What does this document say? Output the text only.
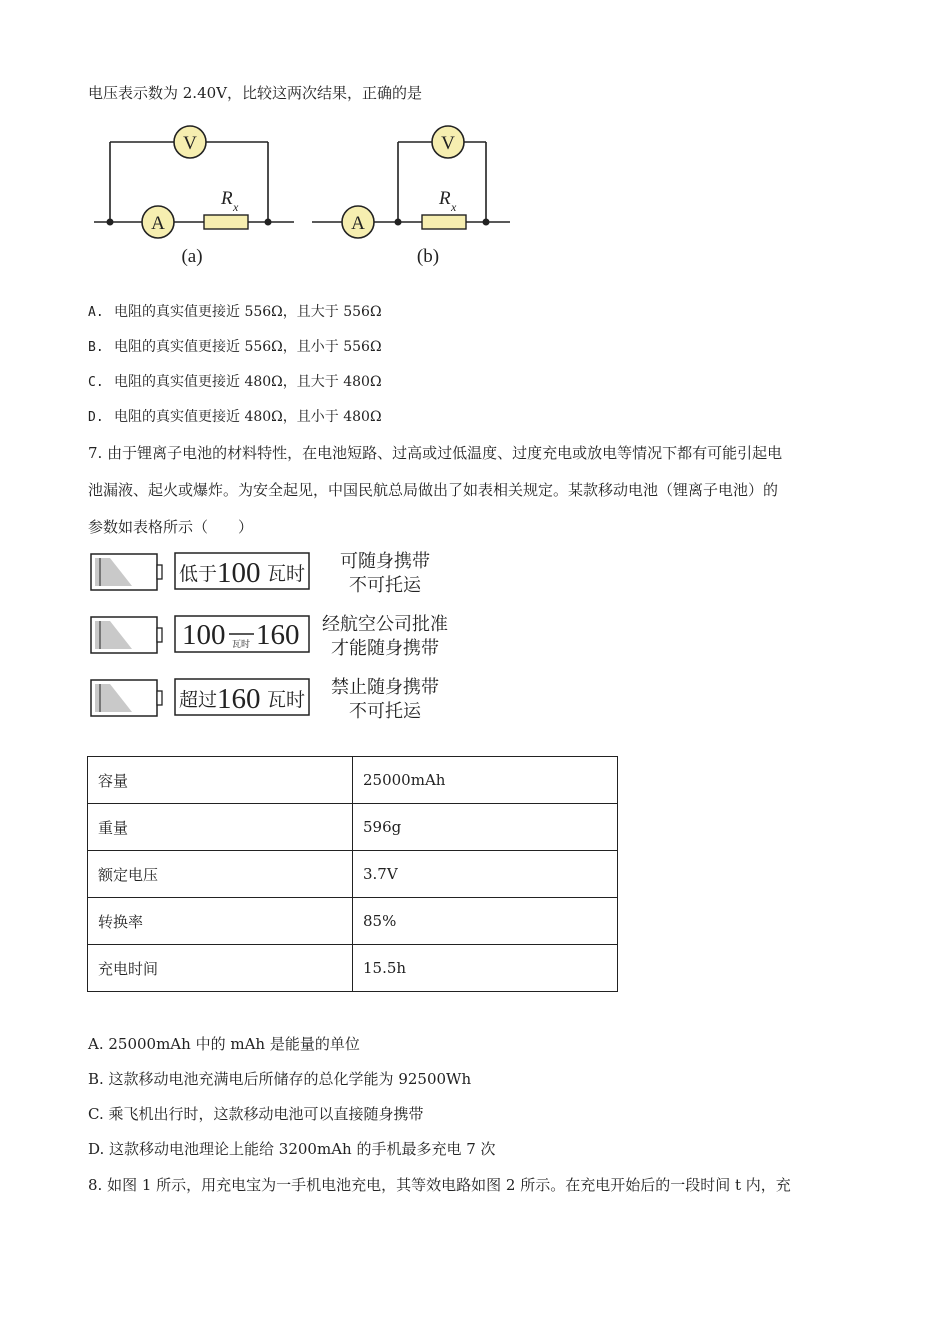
电压表示数为 2.40V，比较这两次结果，正确的是
V
A
R x
(a)
V
A
R x
(b)
A. 电阻的真实值更接近 556Ω，且大于 556Ω
B. 电阻的真实值更接近 556Ω，且小于 556Ω
C. 电阻的真实值更接近 480Ω，且大于 480Ω
D. 电阻的真实值更接近 480Ω，且小于 480Ω
7. 由于锂离子电池的材料特性，在电池短路、过高或过低温度、过度充电或放电等情况下都有可能引起电
池漏液、起火或爆炸。为安全起见，中国民航总局做出了如表相关规定。某款移动电池（锂离子电池）的
参数如表格所示（　　）
低于 100 瓦时
可随身携带
不可托运
100 瓦时 160 经航空公司批准
才能随身携带
超过 160 瓦时
禁止随身携带
不可托运
容量	25000mAh
重量	596g
额定电压	3.7V
转换率	85%
充电时间	15.5h
A. 25000mAh 中的 mAh 是能量的单位
B. 这款移动电池充满电后所储存的总化学能为 92500Wh
C. 乘飞机出行时，这款移动电池可以直接随身携带
D. 这款移动电池理论上能给 3200mAh 的手机最多充电 7 次
8. 如图 1 所示，用充电宝为一手机电池充电，其等效电路如图 2 所示。在充电开始后的一段时间 t 内，充
